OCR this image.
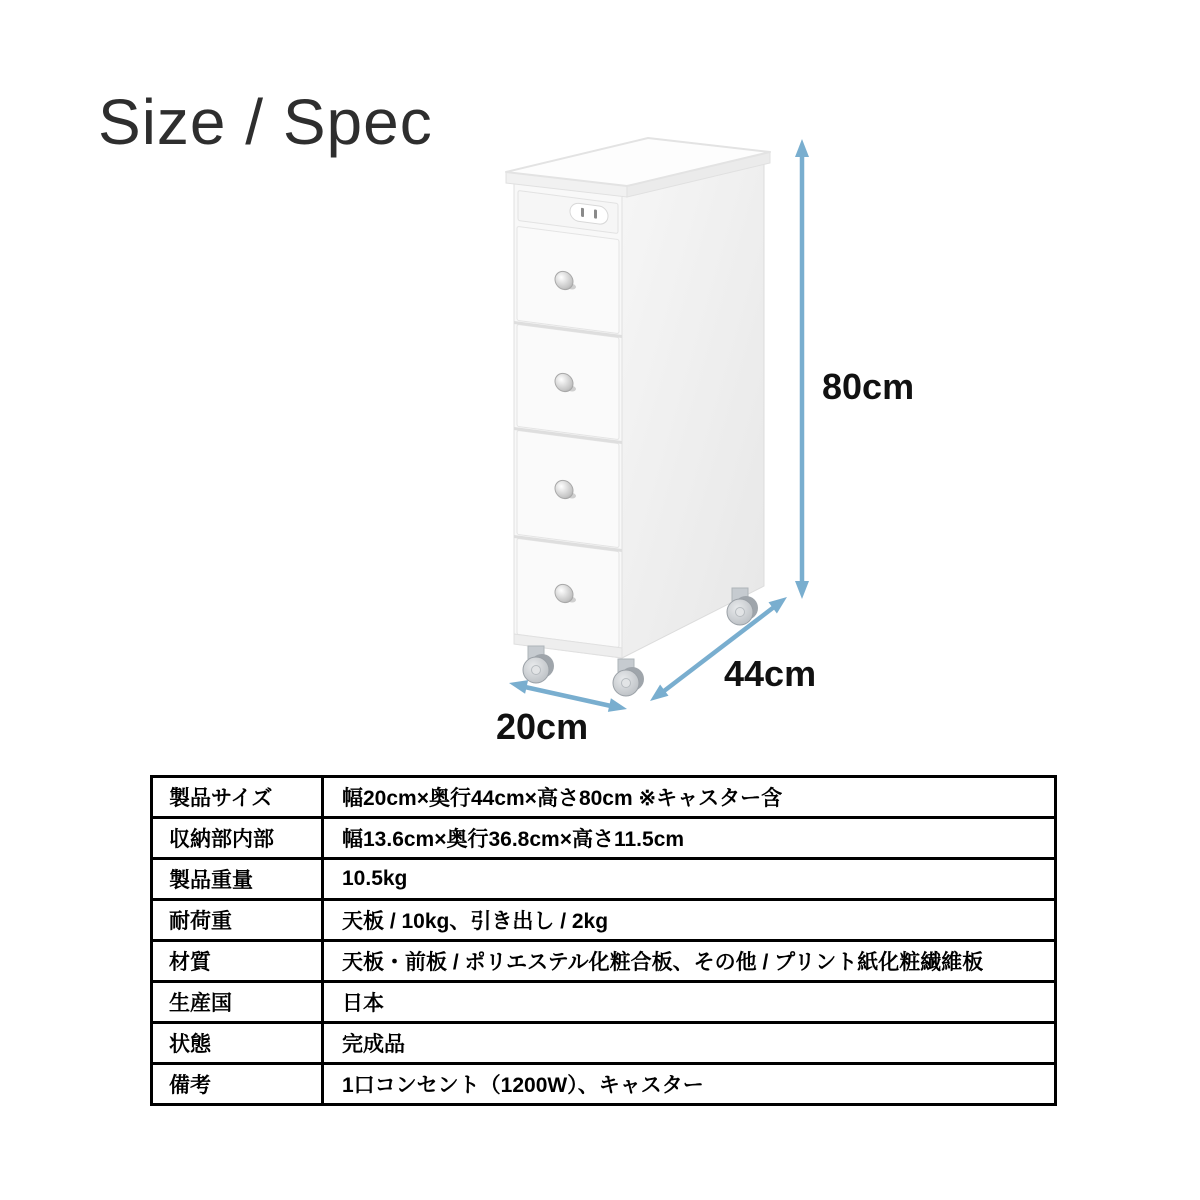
Size / Spec
80cm
44cm
20cm
製品サイズ	幅20cm×奥行44cm×高さ80cm ※キャスター含
収納部内部	幅13.6cm×奥行36.8cm×高さ11.5cm
製品重量	10.5kg
耐荷重	天板 / 10kg、引き出し / 2kg
材質	天板・前板 / ポリエステル化粧合板、その他 / プリント紙化粧繊維板
生産国	日本
状態	完成品
備考	1口コンセント（1200W）、キャスター
